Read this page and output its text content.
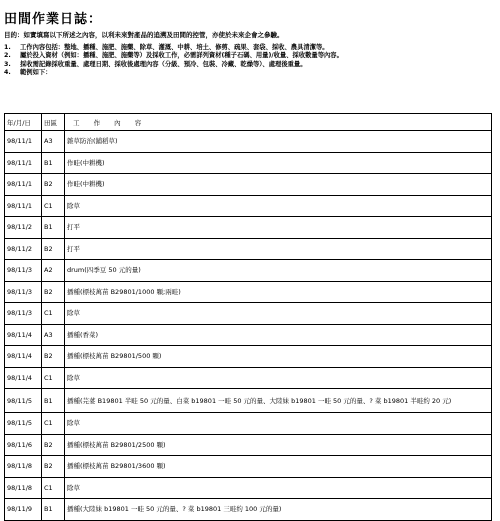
田間作業日誌：
目的：如實填寫以下所述之內容，以利未來對產品的追溯及田間的控管，亦使於未來企會之參驗。
1.	工作內容包括：整地、播種、施肥、施藥、除草、灌溉、中耕、培土、修剪、疏果、套袋、採收、農具清潔等。
2.	屬於投入資材（例如：播種、施肥、施藥等）及採收工作，必需詳列資材(種子石碼、用量)/收量、採收數量等內容。
3.	採收需記錄採收重量、處理日期、採收後處理內容（分級、預冷、包裝、冷藏、乾燥等）、處理後重量。
4.	範例如下：
年/月/日	田區	工 作 內 容
98/11/1	A3	雜草防治(鋪稻草)
98/11/1	B1	作畦(中耕機)
98/11/1	B2	作畦(中耕機)
98/11/1	C1	除草
98/11/2	B1	打平
98/11/2	B2	打平
98/11/3	A2	drum(四季豆 50 元的量)
98/11/3	B2	播種(標枝萬苗 B29801/1000 顆;兩畦)
98/11/3	C1	除草
98/11/4	A3	播種(香菜)
98/11/4	B2	播種(標枝萬苗 B29801/500 顆)
98/11/4	C1	除草
98/11/5	B1	播種(芫荽 B19801 半畦 50 元的量、白菜 b19801 一畦 50 元的量、大陸妹 b19801 一畦 50 元的量、? 菜 b19801 半畦約 20 元)
98/11/5	C1	除草
98/11/6	B2	播種(標枝萬苗 B29801/2500 顆)
98/11/8	B2	播種(標枝萬苗 B29801/3600 顆)
98/11/8	C1	除草
98/11/9	B1	播種(大陸妹 b19801 一畦 50 元的量、? 菜 b19801 三畦約 100 元的量)
